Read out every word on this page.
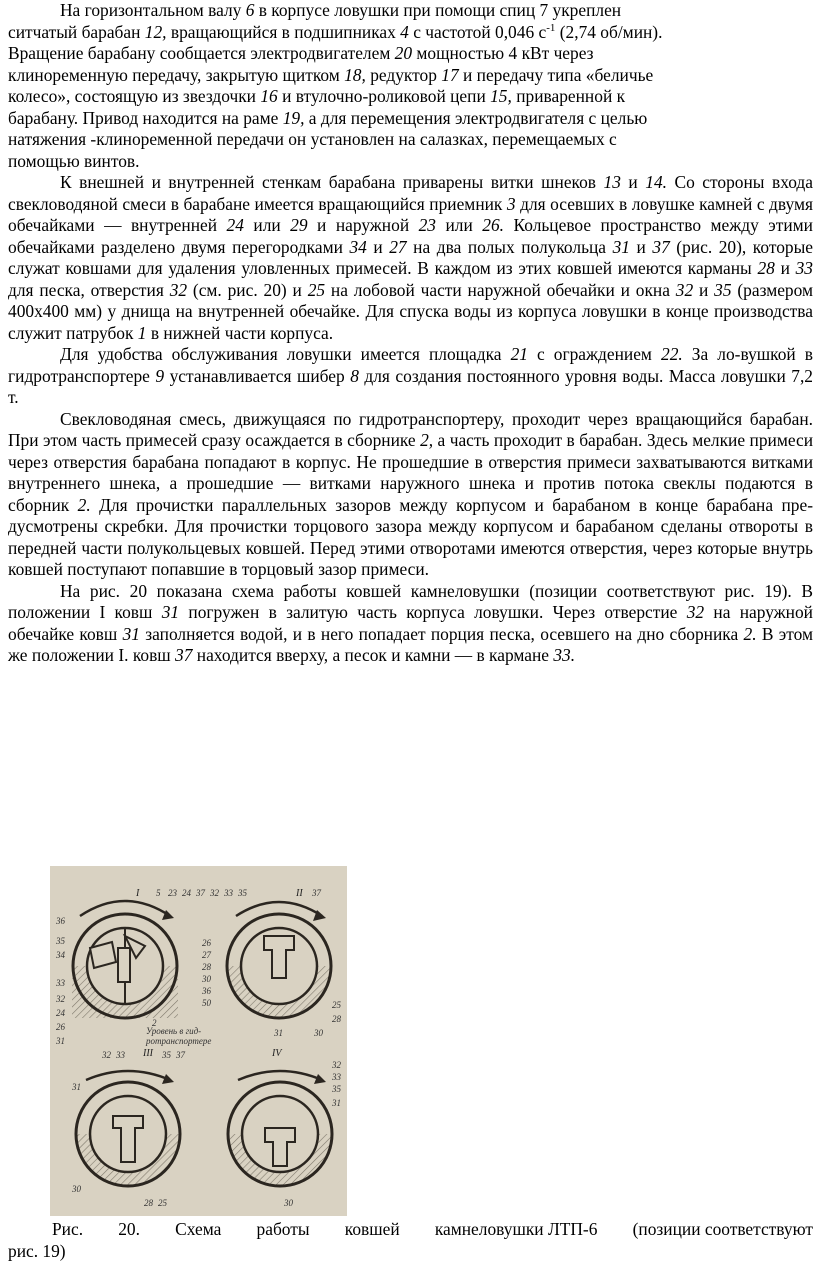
На горизонтальном валу 6 в корпусе ловушки при помощи спиц 7 укреплен
ситчатый барабан 12, вращающийся в подшипниках 4 с частотой 0,046 $с^{-1}$ (2,74 об/мин).
Вращение барабану сообщается электродвигателем 20 мощностью 4 кВт через
клиноременную передачу, закрытую щитком 18, редуктор 17 и передачу типа «беличье
колесо», состоящую из звездочки 16 и втулочно-роликовой цепи 15, приваренной к
барабану. Привод находится на раме 19, а для перемещения электродвигателя с целью
натяжения -клиноременной передачи он установлен на салазках, перемещаемых с
помощью винтов.

К внешней и внутренней стенкам барабана приварены витки шнеков 13 и 14. Со стороны входа свекловодяной смеси в барабане имеется вращающийся приемник 3 для осевших в ловушке камней с двумя обечайками — внутренней 24 или 29 и наружной 23 или 26. Кольцевое пространство между этими обечайками разделено двумя перегородками 34 и 27 на два полых полукольца 31 и 37 (рис. 20), которые служат ковшами для удаления уловленных примесей. В каждом из этих ковшей имеются карманы 28 и 33 для песка, отверстия 32 (см. рис. 20) и 25 на лобовой части наружной обечайки и окна 32 и 35 (размером 400x400 мм) у днища на внутренней обечайке. Для спуска воды из корпуса ловушки в конце производства служит патрубок 1 в нижней части корпуса.

Для удобства обслуживания ловушки имеется площадка 21 с ограждением 22. За ло-вушкой в гидротранспортере 9 устанавливается шибер 8 для создания постоянного уровня воды. Масса ловушки 7,2 т.

Свекловодяная смесь, движущаяся по гидротранспортеру, проходит через вращающийся барабан. При этом часть примесей сразу осаждается в сборнике 2, а часть проходит в барабан. Здесь мелкие примеси через отверстия барабана попадают в корпус. Не прошедшие в отверстия примеси захватываются витками внутреннего шнека, а прошедшие — витками наружного шнека и против потока свеклы подаются в сборник 2. Для прочистки параллельных зазоров между корпусом и барабаном в конце барабана пре-дусмотрены скребки. Для прочистки торцового зазора между корпусом и барабаном сделаны отвороты в передней части полукольцевых ковшей. Перед этими отворотами имеются отверстия, через которые внутрь ковшей поступают попавшие в торцовый зазор примеси.

На рис. 20 показана схема работы ковшей камнеловушки (позиции соответствуют рис. 19). В положении I ковш 31 погружен в залитую часть корпуса ловушки. Через отверстие 32 на наружной обечайке ковш 31 заполняется водой, и в него попадает порция песка, осевшего на дно сборника 2. В этом же положении I. ковш 37 находится вверху, а песок и камни — в кармане 33.

I	II
III	IV
Уровень в гид-
ротранспортере
5 23 24 37 32 33 35	37
36
35
34
33
32
24
26
31
26
27
28
30
36
50
2
25
28
30
31
32 33	35 37
31
30
28 25
32
33
35
31
30
Рис. 20. Схема работы ковшей камнеловушки ЛТП-6 (позиции соответствуют
рис. 19)
